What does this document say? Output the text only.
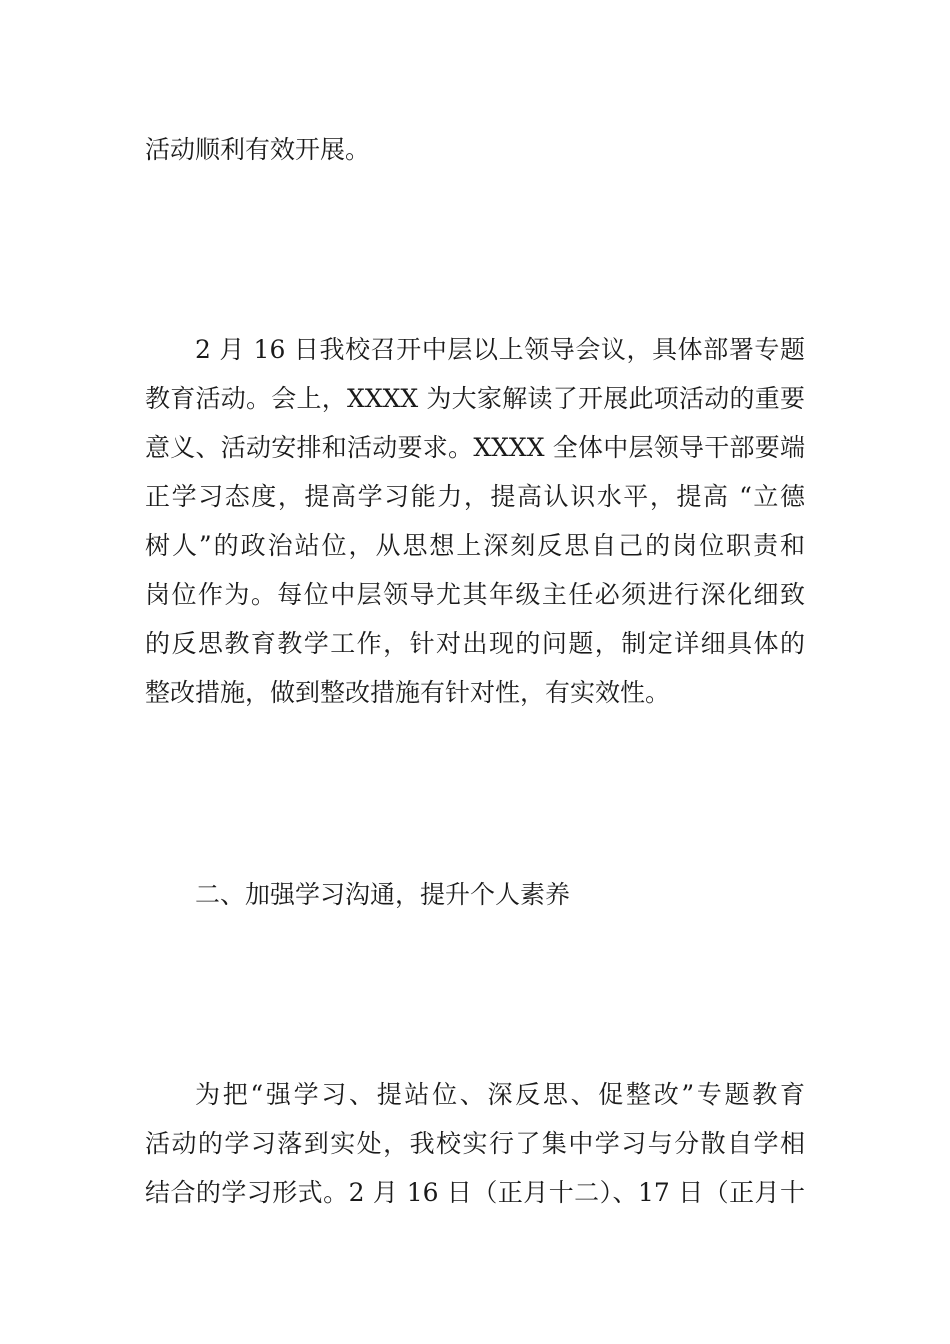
活动顺利有效开展。
2 月 16 日我校召开中层以上领导会议，具体部署专题
教育活动。会上，XXXX 为大家解读了开展此项活动的重要
意义、活动安排和活动要求。XXXX 全体中层领导干部要端
正学习态度，提高学习能力，提高认识水平，提高 “立德
树人”的政治站位，从思想上深刻反思自己的岗位职责和
岗位作为。每位中层领导尤其年级主任必须进行深化细致
的反思教育教学工作，针对出现的问题，制定详细具体的
整改措施，做到整改措施有针对性，有实效性。
二、加强学习沟通，提升个人素养
为把“强学习、提站位、深反思、促整改”专题教育
活动的学习落到实处，我校实行了集中学习与分散自学相
结合的学习形式。2 月 16 日（正月十二）、17 日（正月十
